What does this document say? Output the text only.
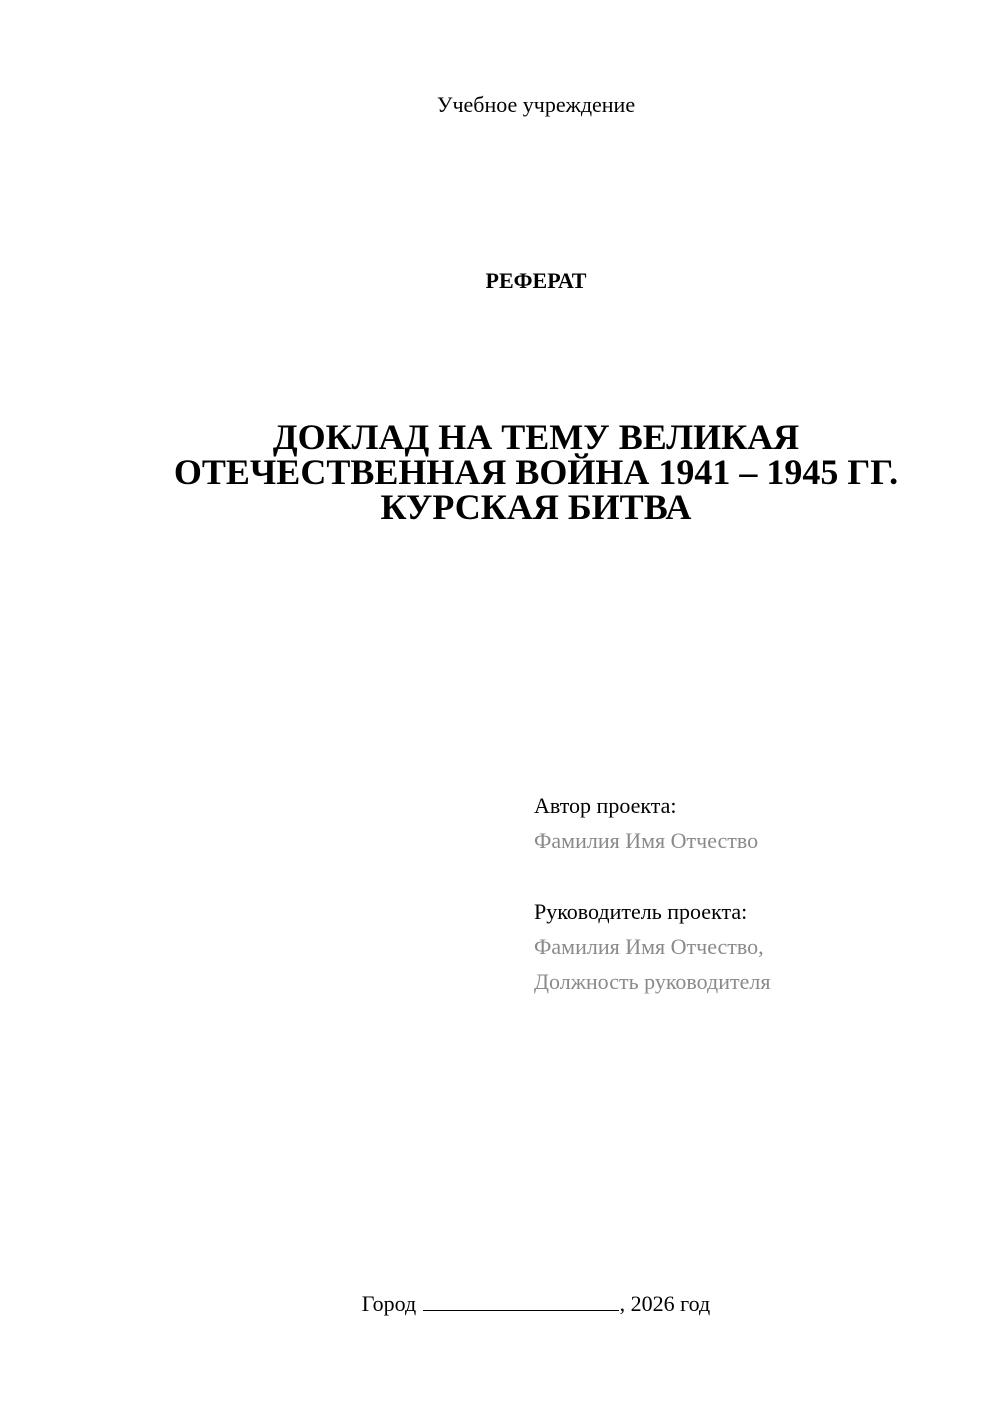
Учебное учреждение
РЕФЕРАТ
ДОКЛАД НА ТЕМУ ВЕЛИКАЯ
ОТЕЧЕСТВЕННАЯ ВОЙНА 1941 – 1945 ГГ.
КУРСКАЯ БИТВА
Автор проекта:
Фамилия Имя Отчество
Руководитель проекта:
Фамилия Имя Отчество,
Должность руководителя
Город	, 2026 год
